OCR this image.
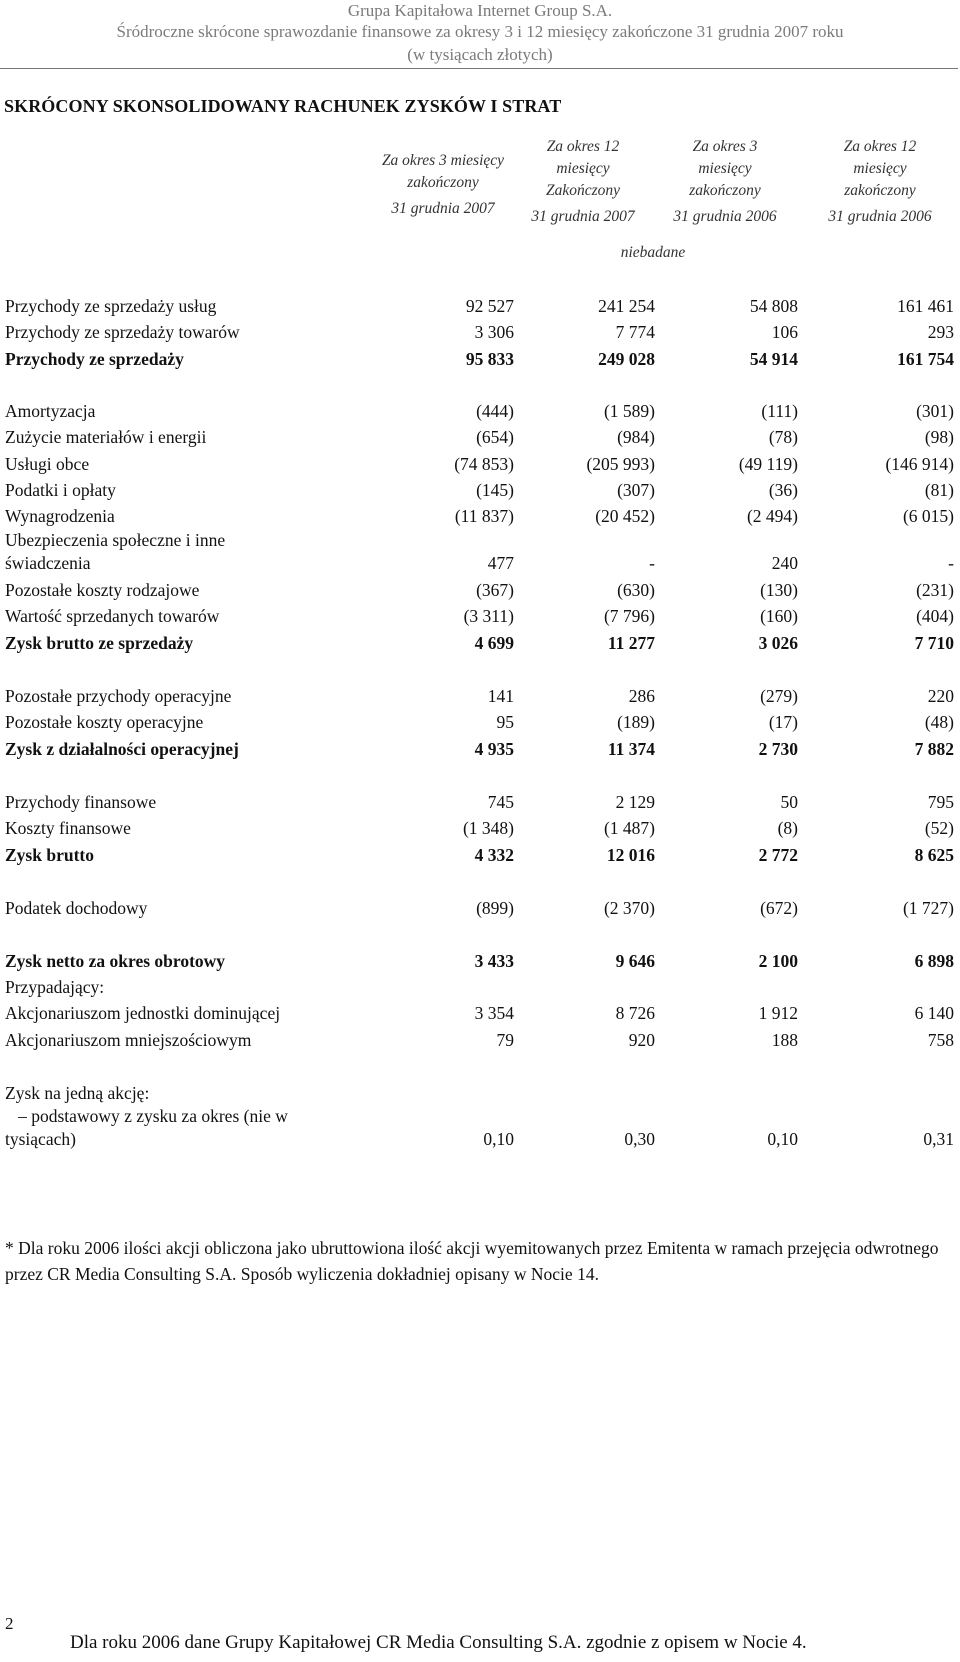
Grupa Kapitałowa Internet Group S.A.
Śródroczne skrócone sprawozdanie finansowe za okresy 3 i 12 miesięcy zakończone 31 grudnia 2007 roku
(w tysiącach złotych)
SKRÓCONY SKONSOLIDOWANY RACHUNEK ZYSKÓW I STRAT
Za okres 3 miesięcy
zakończony
31 grudnia 2007
Za okres 12
miesięcy
Zakończony
31 grudnia 2007
Za okres 3
miesięcy
zakończony
31 grudnia 2006
Za okres 12
miesięcy
zakończony
31 grudnia 2006
niebadane
Przychody ze sprzedaży usług	92 527	241 254	54 808	161 461
Przychody ze sprzedaży towarów	3 306	7 774	106	293
Przychody ze sprzedaży	95 833	249 028	54 914	161 754
Amortyzacja	(444)	(1 589)	(111)	(301)
Zużycie materiałów i energii	(654)	(984)	(78)	(98)
Usługi obce	(74 853)	(205 993)	(49 119)	(146 914)
Podatki i opłaty	(145)	(307)	(36)	(81)
Wynagrodzenia	(11 837)	(20 452)	(2 494)	(6 015)
Ubezpieczenia społeczne i inne
świadczenia	477	-	240	-
Pozostałe koszty rodzajowe	(367)	(630)	(130)	(231)
Wartość sprzedanych towarów	(3 311)	(7 796)	(160)	(404)
Zysk brutto ze sprzedaży	4 699	11 277	3 026	7 710
Pozostałe przychody operacyjne	141	286	(279)	220
Pozostałe koszty operacyjne	95	(189)	(17)	(48)
Zysk z działalności operacyjnej	4 935	11 374	2 730	7 882
Przychody finansowe	745	2 129	50	795
Koszty finansowe	(1 348)	(1 487)	(8)	(52)
Zysk brutto	4 332	12 016	2 772	8 625
Podatek dochodowy	(899)	(2 370)	(672)	(1 727)
Zysk netto za okres obrotowy	3 433	9 646	2 100	6 898
Przypadający:
Akcjonariuszom jednostki dominującej	3 354	8 726	1 912	6 140
Akcjonariuszom mniejszościowym	79	920	188	758
Zysk na jedną akcję:
– podstawowy z zysku za okres (nie w
tysiącach)	0,10	0,30	0,10	0,31
* Dla roku 2006 ilości akcji obliczona jako ubruttowiona ilość akcji wyemitowanych przez Emitenta w ramach przejęcia odwrotnego przez CR Media Consulting S.A. Sposób wyliczenia dokładniej opisany w Nocie 14.
2
Dla roku 2006 dane Grupy Kapitałowej CR Media Consulting S.A. zgodnie z opisem w Nocie 4.
